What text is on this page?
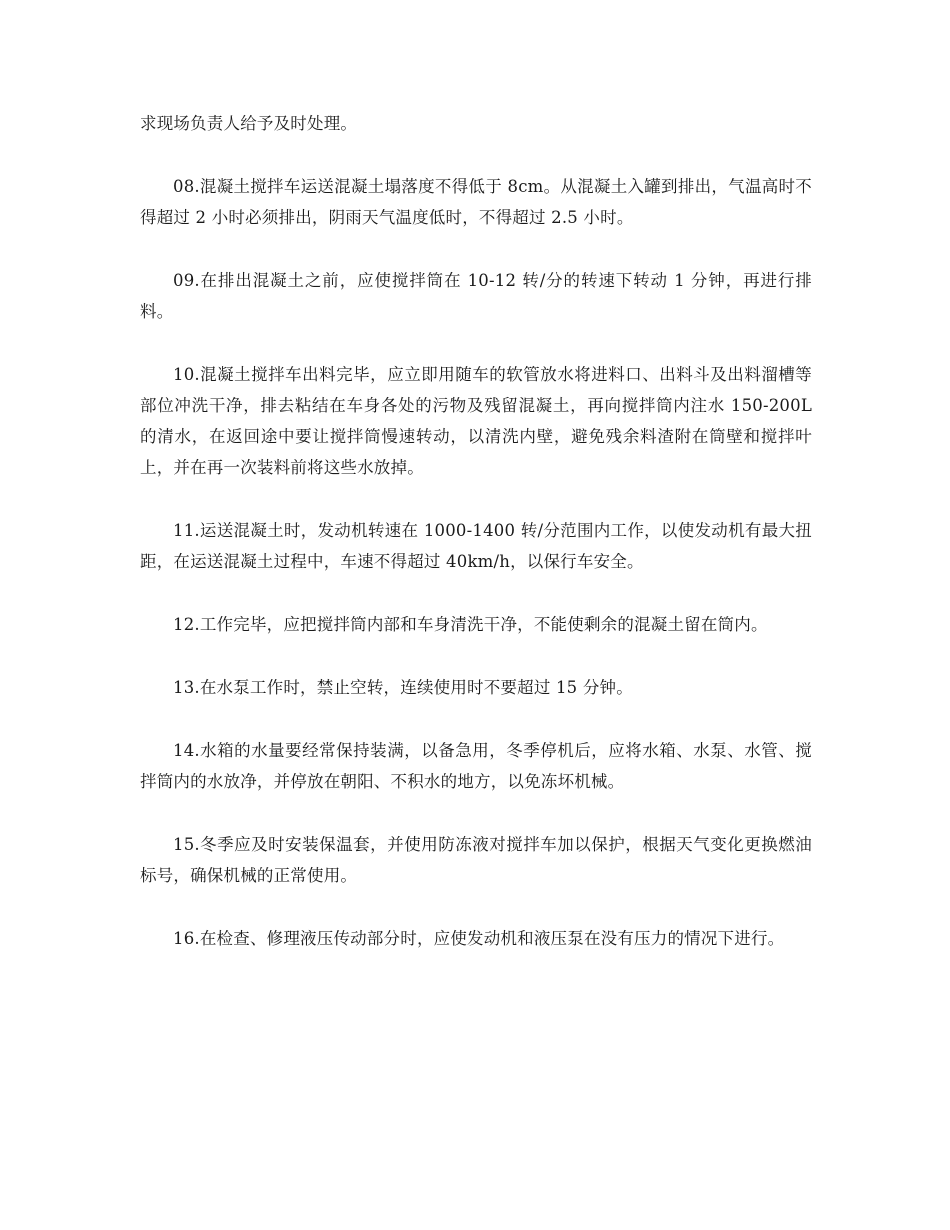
求现场负责人给予及时处理。

08.混凝土搅拌车运送混凝土塌落度不得低于 8cm。从混凝土入罐到排出，气温高时不得超过 2 小时必须排出，阴雨天气温度低时，不得超过 2.5 小时。

09.在排出混凝土之前，应使搅拌筒在 10-12 转/分的转速下转动 1 分钟，再进行排料。

10.混凝土搅拌车出料完毕，应立即用随车的软管放水将进料口、出料斗及出料溜槽等部位冲洗干净，排去粘结在车身各处的污物及残留混凝土，再向搅拌筒内注水 150-200L 的清水，在返回途中要让搅拌筒慢速转动，以清洗内壁，避免残余料渣附在筒壁和搅拌叶上，并在再一次装料前将这些水放掉。

11.运送混凝土时，发动机转速在 1000-1400 转/分范围内工作，以使发动机有最大扭距，在运送混凝土过程中，车速不得超过 40km/h，以保行车安全。

12.工作完毕，应把搅拌筒内部和车身清洗干净，不能使剩余的混凝土留在筒内。

13.在水泵工作时，禁止空转，连续使用时不要超过 15 分钟。

14.水箱的水量要经常保持装满，以备急用，冬季停机后，应将水箱、水泵、水管、搅拌筒内的水放净，并停放在朝阳、不积水的地方，以免冻坏机械。

15.冬季应及时安装保温套，并使用防冻液对搅拌车加以保护，根据天气变化更换燃油标号，确保机械的正常使用。

16.在检查、修理液压传动部分时，应使发动机和液压泵在没有压力的情况下进行。
